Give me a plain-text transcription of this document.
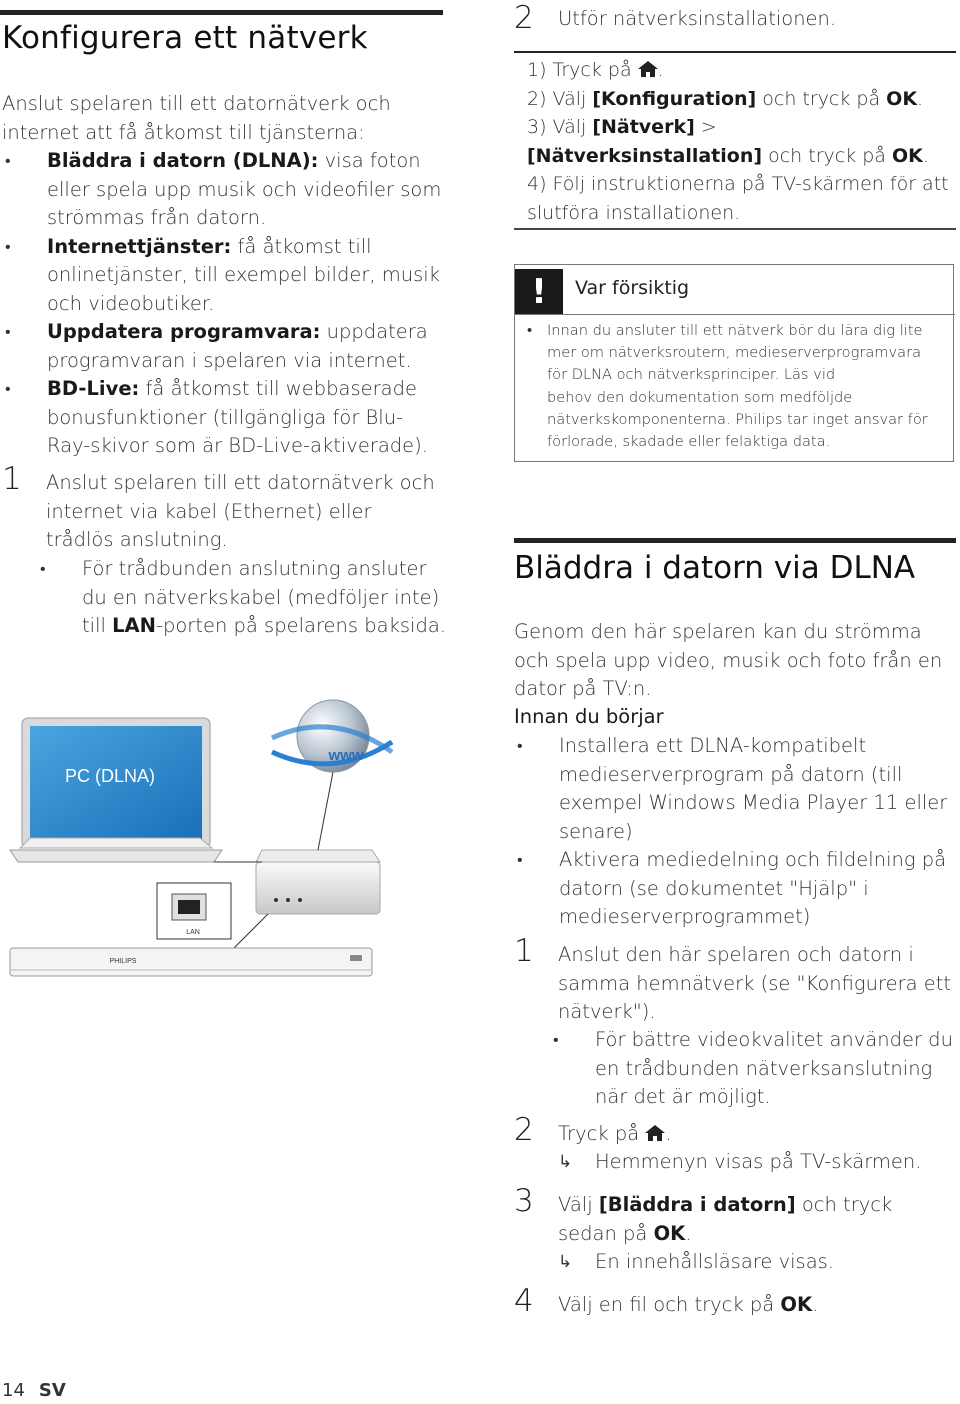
Konfigurera ett nätverk
Anslut spelaren till ett datornätverk och internet att få åtkomst till tjänsterna:
• Bläddra i datorn (DLNA): visa foton eller spela upp musik och videofiler som strömmas från datorn.
• Internettjänster: få åtkomst till onlinetjänster, till exempel bilder, musik och videobutiker.
• Uppdatera programvara: uppdatera programvaran i spelaren via internet.
• BD-Live: få åtkomst till webbaserade bonusfunktioner (tillgängliga för Blu-Ray-skivor som är BD-Live-aktiverade).
1 Anslut spelaren till ett datornätverk och internet via kabel (Ethernet) eller trådlös anslutning.
• För trådbunden anslutning ansluter du en nätverkskabel (medföljer inte) till LAN-porten på spelarens baksida.
PC (DLNA)
www
LAN
PHILIPS
2 Utför nätverksinstallationen.
1) Tryck på .
2) Välj [Konfiguration] och tryck på OK.
3) Välj [Nätverk] > [Nätverksinstallation] och tryck på OK.
4) Följ instruktionerna på TV-skärmen för att slutföra installationen.
!	Var försiktig
• Innan du ansluter till ett nätverk bör du lära dig lite
mer om nätverksroutern, medieserverprogramvara
för DLNA och nätverksprinciper. Läs vid
behov den dokumentation som medföljde
nätverkskomponenterna. Philips tar inget ansvar för
förlorade, skadade eller felaktiga data.
Bläddra i datorn via DLNA
Genom den här spelaren kan du strömma och spela upp video, musik och foto från en dator på TV:n.
Innan du börjar
• Installera ett DLNA-kompatibelt medieserverprogram på datorn (till exempel Windows Media Player 11 eller senare)
• Aktivera mediedelning och fildelning på datorn (se dokumentet "Hjälp" i medieserverprogrammet)
1 Anslut den här spelaren och datorn i samma hemnätverk (se "Konfigurera ett nätverk").
• För bättre videokvalitet använder du en trådbunden nätverksanslutning när det är möjligt.
2 Tryck på .
↳ Hemmenyn visas på TV-skärmen.
3 Välj [Bläddra i datorn] och tryck sedan på OK.
↳ En innehållsläsare visas.
4 Välj en fil och tryck på OK.
14 SV
